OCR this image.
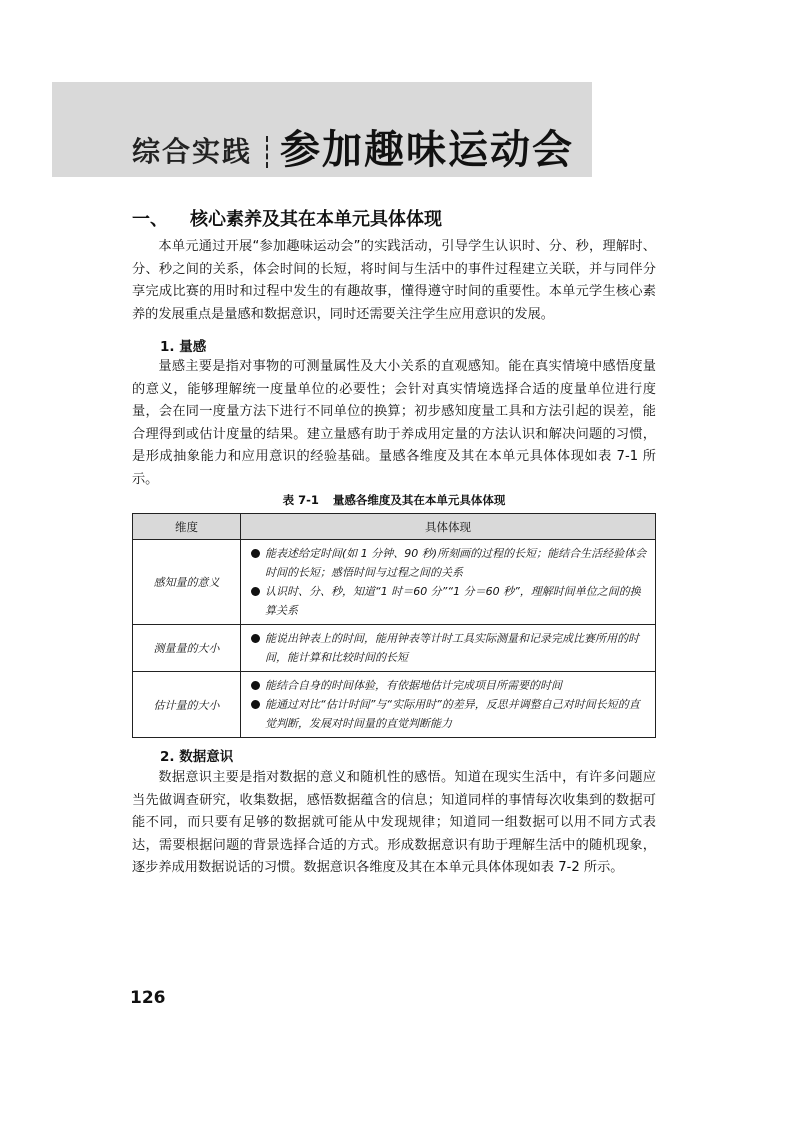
综合实践 参加趣味运动会
一、 核心素养及其在本单元具体体现

本单元通过开展“参加趣味运动会”的实践活动，引导学生认识时、分、秒，理解时、分、秒之间的关系，体会时间的长短，将时间与生活中的事件过程建立关联，并与同伴分享完成比赛的用时和过程中发生的有趣故事，懂得遵守时间的重要性。本单元学生核心素养的发展重点是量感和数据意识，同时还需要关注学生应用意识的发展。

1. 量感

量感主要是指对事物的可测量属性及大小关系的直观感知。能在真实情境中感悟度量的意义，能够理解统一度量单位的必要性；会针对真实情境选择合适的度量单位进行度量，会在同一度量方法下进行不同单位的换算；初步感知度量工具和方法引起的误差，能合理得到或估计度量的结果。建立量感有助于养成用定量的方法认识和解决问题的习惯，是形成抽象能力和应用意识的经验基础。量感各维度及其在本单元具体体现如表 7-1 所示。

表 7-1 量感各维度及其在本单元具体体现
维度	具体体现
感知量的意义	能表述给定时间(如 1 分钟、90 秒)所刻画的过程的长短；能结合生活经验体会时间的长短；感悟时间与过程之间的关系
认识时、分、秒，知道“1 时＝60 分”“1 分＝60 秒”，理解时间单位之间的换算关系

测量量的大小	能说出钟表上的时间，能用钟表等计时工具实际测量和记录完成比赛所用的时间，能计算和比较时间的长短

估计量的大小	能结合自身的时间体验，有依据地估计完成项目所需要的时间
能通过对比“估计时间”与“实际用时”的差异，反思并调整自己对时间长短的直觉判断，发展对时间量的直觉判断能力
2. 数据意识

数据意识主要是指对数据的意义和随机性的感悟。知道在现实生活中，有许多问题应当先做调查研究，收集数据，感悟数据蕴含的信息；知道同样的事情每次收集到的数据可能不同，而只要有足够的数据就可能从中发现规律；知道同一组数据可以用不同方式表达，需要根据问题的背景选择合适的方式。形成数据意识有助于理解生活中的随机现象，逐步养成用数据说话的习惯。数据意识各维度及其在本单元具体体现如表 7-2 所示。

126
